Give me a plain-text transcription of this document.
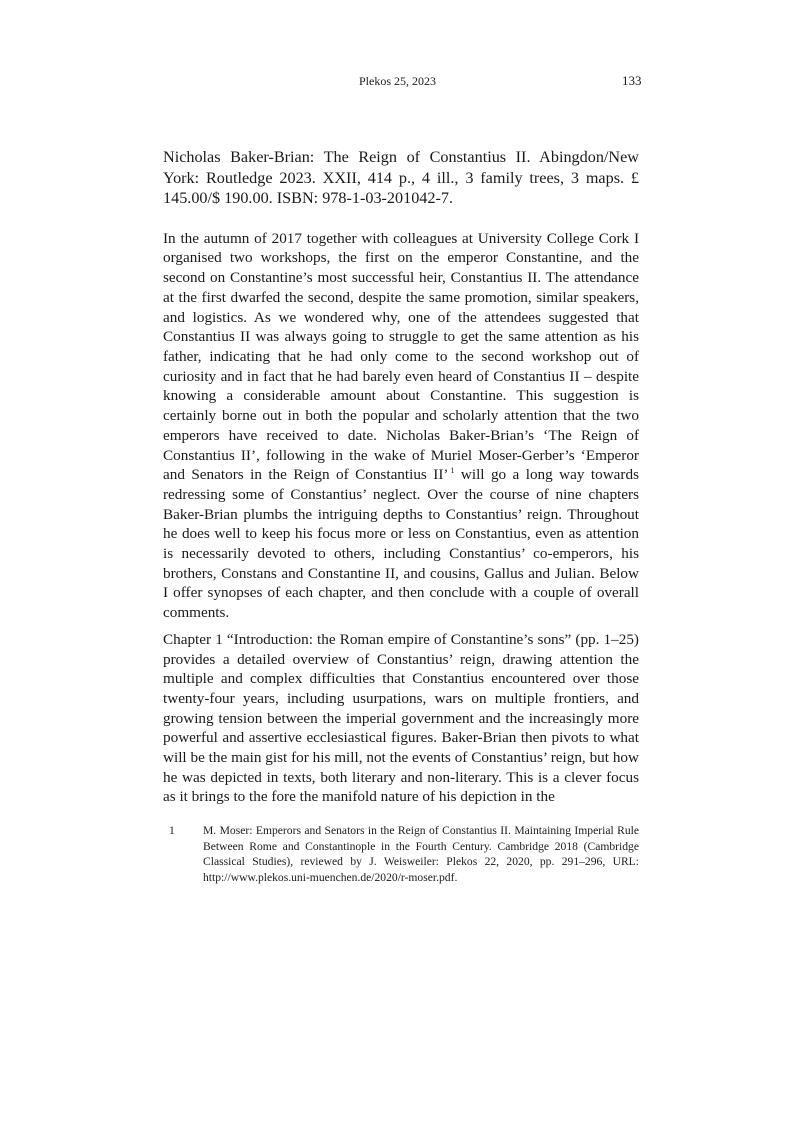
Plekos 25, 2023	133
Nicholas Baker-Brian: The Reign of Constantius II. Abingdon/New York: Routledge 2023. XXII, 414 p., 4 ill., 3 family trees, 3 maps. £ 145.00/$ 190.00. ISBN: 978-1-03-201042-7.

In the autumn of 2017 together with colleagues at University College Cork I organised two workshops, the first on the emperor Constantine, and the second on Constantine’s most successful heir, Constantius II. The attendance at the first dwarfed the second, despite the same promotion, similar speakers, and logistics. As we wondered why, one of the attendees suggested that Constantius II was always going to struggle to get the same attention as his father, indicating that he had only come to the second workshop out of curiosity and in fact that he had barely even heard of Constantius II – despite knowing a considerable amount about Constantine. This suggestion is certainly borne out in both the popular and scholarly attention that the two emperors have received to date. Nicholas Baker-Brian’s ‘The Reign of Constantius II’, following in the wake of Muriel Moser-Gerber’s ‘Emperor and Senators in the Reign of Constantius II’ $^1$ will go a long way towards redressing some of Constantius’ neglect. Over the course of nine chapters Baker-Brian plumbs the intriguing depths to Constantius’ reign. Throughout he does well to keep his focus more or less on Constantius, even as attention is necessarily devoted to others, including Constantius’ co-emperors, his brothers, Constans and Constantine II, and cousins, Gallus and Julian. Below I offer synopses of each chapter, and then conclude with a couple of overall comments.

Chapter 1 “Introduction: the Roman empire of Constantine’s sons” (pp. 1–25) provides a detailed overview of Constantius’ reign, drawing attention the multiple and complex difficulties that Constantius encountered over those twenty-four years, including usurpations, wars on multiple frontiers, and growing tension between the imperial government and the increasingly more powerful and assertive ecclesiastical figures. Baker-Brian then pivots to what will be the main gist for his mill, not the events of Constantius’ reign, but how he was depicted in texts, both literary and non-literary. This is a clever focus as it brings to the fore the manifold nature of his depiction in the

1 M. Moser: Emperors and Senators in the Reign of Constantius II. Maintaining Imperial Rule Between Rome and Constantinople in the Fourth Century. Cambridge 2018 (Cambridge Classical Studies), reviewed by J. Weisweiler: Plekos 22, 2020, pp. 291–296, URL: http://www.plekos.uni-muenchen.de/2020/r-moser.pdf.
